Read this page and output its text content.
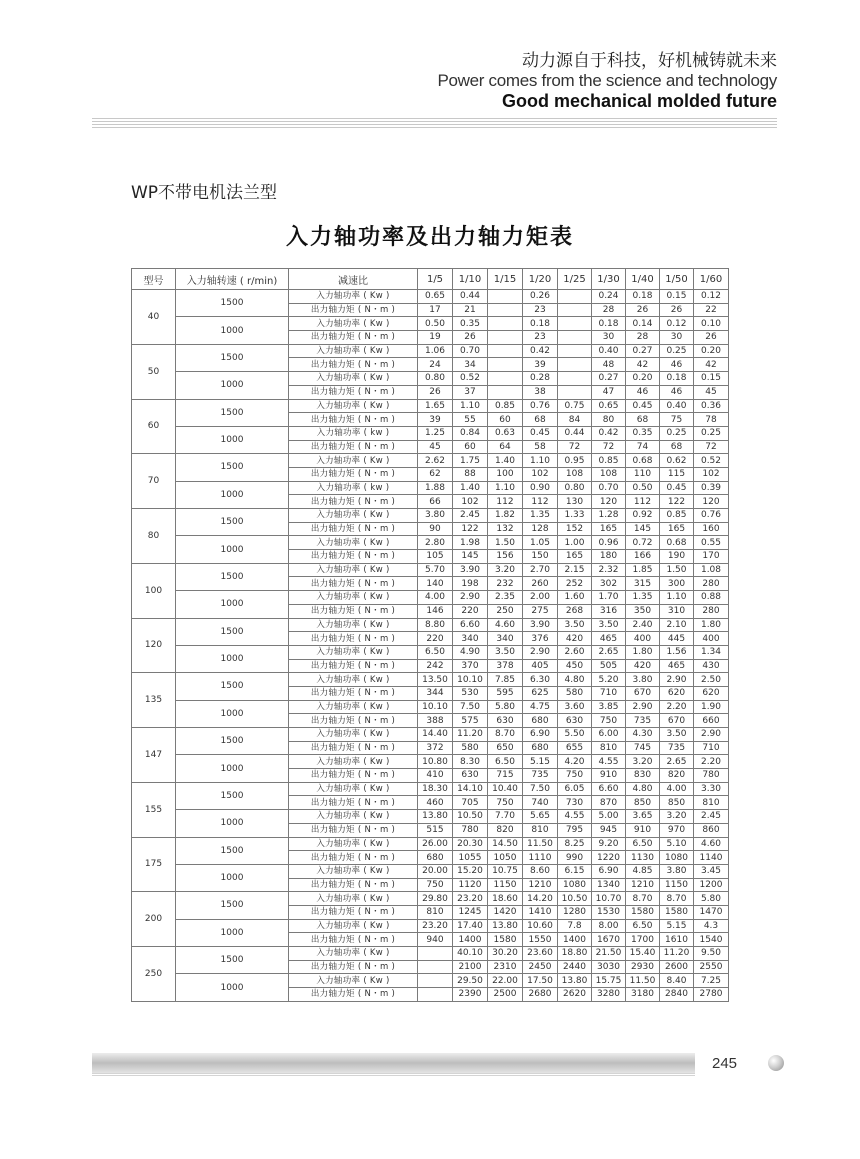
动力源自于科技，好机械铸就未来
Power comes from the science and technology
Good mechanical molded future
WP不带电机法兰型
入力轴功率及出力轴力矩表
型号	入力轴转速 ( r/min)	减速比	1/5	1/10	1/15	1/20	1/25	1/30	1/40	1/50	1/60
40	1500	入力轴功率 ( Kw )	0.65	0.44		0.26		0.24	0.18	0.15	0.12
		出力轴力矩 ( N・m )	17	21		23		28	26	26	22
	1000	入力轴功率 ( Kw )	0.50	0.35		0.18		0.18	0.14	0.12	0.10
		出力轴力矩 ( N・m )	19	26		23		30	28	30	26
50	1500	入力轴功率 ( Kw )	1.06	0.70		0.42		0.40	0.27	0.25	0.20
		出力轴力矩 ( N・m )	24	34		39		48	42	46	42
	1000	入力轴功率 ( Kw )	0.80	0.52		0.28		0.27	0.20	0.18	0.15
		出力轴力矩 ( N・m )	26	37		38		47	46	46	45
60	1500	入力轴功率 ( Kw )	1.65	1.10	0.85	0.76	0.75	0.65	0.45	0.40	0.36
		出力轴力矩 ( N・m )	39	55	60	68	84	80	68	75	78
	1000	入力轴功率 ( kw )	1.25	0.84	0.63	0.45	0.44	0.42	0.35	0.25	0.25
		出力轴力矩 ( N・m )	45	60	64	58	72	72	74	68	72
70	1500	入力轴功率 ( Kw )	2.62	1.75	1.40	1.10	0.95	0.85	0.68	0.62	0.52
		出力轴力矩 ( N・m )	62	88	100	102	108	108	110	115	102
	1000	入力轴功率 ( kw )	1.88	1.40	1.10	0.90	0.80	0.70	0.50	0.45	0.39
		出力轴力矩 ( N・m )	66	102	112	112	130	120	112	122	120
80	1500	入力轴功率 ( Kw )	3.80	2.45	1.82	1.35	1.33	1.28	0.92	0.85	0.76
		出力轴力矩 ( N・m )	90	122	132	128	152	165	145	165	160
	1000	入力轴功率 ( Kw )	2.80	1.98	1.50	1.05	1.00	0.96	0.72	0.68	0.55
		出力轴力矩 ( N・m )	105	145	156	150	165	180	166	190	170
100	1500	入力轴功率 ( Kw )	5.70	3.90	3.20	2.70	2.15	2.32	1.85	1.50	1.08
		出力轴力矩 ( N・m )	140	198	232	260	252	302	315	300	280
	1000	入力轴功率 ( Kw )	4.00	2.90	2.35	2.00	1.60	1.70	1.35	1.10	0.88
		出力轴力矩 ( N・m )	146	220	250	275	268	316	350	310	280
120	1500	入力轴功率 ( Kw )	8.80	6.60	4.60	3.90	3.50	3.50	2.40	2.10	1.80
		出力轴力矩 ( N・m )	220	340	340	376	420	465	400	445	400
	1000	入力轴功率 ( Kw )	6.50	4.90	3.50	2.90	2.60	2.65	1.80	1.56	1.34
		出力轴力矩 ( N・m )	242	370	378	405	450	505	420	465	430
135	1500	入力轴功率 ( Kw )	13.50	10.10	7.85	6.30	4.80	5.20	3.80	2.90	2.50
		出力轴力矩 ( N・m )	344	530	595	625	580	710	670	620	620
	1000	入力轴功率 ( Kw )	10.10	7.50	5.80	4.75	3.60	3.85	2.90	2.20	1.90
		出力轴力矩 ( N・m )	388	575	630	680	630	750	735	670	660
147	1500	入力轴功率 ( Kw )	14.40	11.20	8.70	6.90	5.50	6.00	4.30	3.50	2.90
		出力轴力矩 ( N・m )	372	580	650	680	655	810	745	735	710
	1000	入力轴功率 ( Kw )	10.80	8.30	6.50	5.15	4.20	4.55	3.20	2.65	2.20
		出力轴力矩 ( N・m )	410	630	715	735	750	910	830	820	780
155	1500	入力轴功率 ( Kw )	18.30	14.10	10.40	7.50	6.05	6.60	4.80	4.00	3.30
		出力轴力矩 ( N・m )	460	705	750	740	730	870	850	850	810
	1000	入力轴功率 ( Kw )	13.80	10.50	7.70	5.65	4.55	5.00	3.65	3.20	2.45
		出力轴力矩 ( N・m )	515	780	820	810	795	945	910	970	860
175	1500	入力轴功率 ( Kw )	26.00	20.30	14.50	11.50	8.25	9.20	6.50	5.10	4.60
		出力轴力矩 ( N・m )	680	1055	1050	1110	990	1220	1130	1080	1140
	1000	入力轴功率 ( Kw )	20.00	15.20	10.75	8.60	6.15	6.90	4.85	3.80	3.45
		出力轴力矩 ( N・m )	750	1120	1150	1210	1080	1340	1210	1150	1200
200	1500	入力轴功率 ( Kw )	29.80	23.20	18.60	14.20	10.50	10.70	8.70	8.70	5.80
		出力轴力矩 ( N・m )	810	1245	1420	1410	1280	1530	1580	1580	1470
	1000	入力轴功率 ( Kw )	23.20	17.40	13.80	10.60	7.8	8.00	6.50	5.15	4.3
		出力轴力矩 ( N・m )	940	1400	1580	1550	1400	1670	1700	1610	1540
250	1500	入力轴功率 ( Kw )		40.10	30.20	23.60	18.80	21.50	15.40	11.20	9.50
		出力轴力矩 ( N・m )		2100	2310	2450	2440	3030	2930	2600	2550
	1000	入力轴功率 ( Kw )		29.50	22.00	17.50	13.80	15.75	11.50	8.40	7.25
		出力轴力矩 ( N・m )		2390	2500	2680	2620	3280	3180	2840	2780
245
